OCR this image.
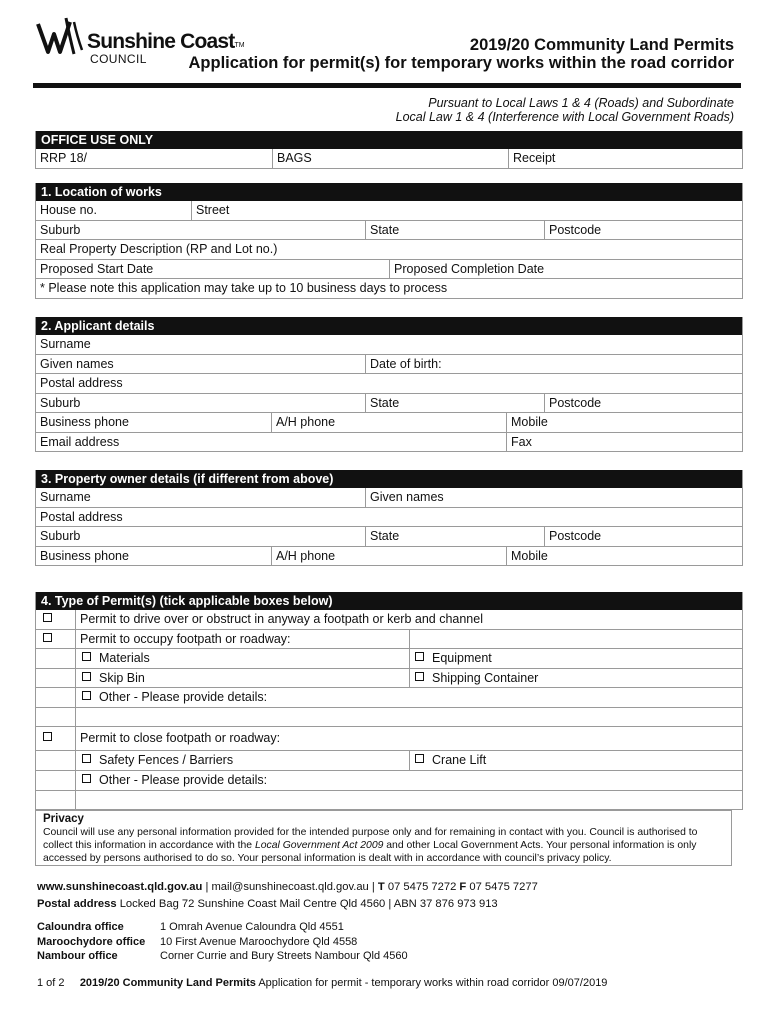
Sunshine CoastTM
COUNCIL
2019/20 Community Land Permits
Application for permit(s) for temporary works within the road corridor
Pursuant to Local Laws 1 & 4 (Roads) and Subordinate
Local Law 1 & 4 (Interference with Local Government Roads)
OFFICE USE ONLY
RRP 18/	BAGS	Receipt
1. Location of works
House no.	Street
Suburb	State	Postcode
Real Property Description (RP and Lot no.)
Proposed Start Date	Proposed Completion Date
* Please note this application may take up to 10 business days to process
2. Applicant details
Surname
Given names	Date of birth:
Postal address
Suburb	State	Postcode
Business phone	A/H phone	Mobile
Email address	Fax
3. Property owner details (if different from above)
Surname	Given names
Postal address
Suburb	State	Postcode
Business phone	A/H phone	Mobile
4. Type of Permit(s) (tick applicable boxes below)
Permit to drive over or obstruct in anyway a footpath or kerb and channel
Permit to occupy footpath or roadway:
Materials	Equipment
Skip Bin	Shipping Container
Other - Please provide details:
Permit to close footpath or roadway:
Safety Fences / Barriers	Crane Lift
Other - Please provide details:
Privacy
Council will use any personal information provided for the intended purpose only and for remaining in contact with you. Council is authorised to
collect this information in accordance with the Local Government Act 2009 and other Local Government Acts. Your personal information is only
accessed by persons authorised to do so. Your personal information is dealt with in accordance with council’s privacy policy.
www.sunshinecoast.qld.gov.au | mail@sunshinecoast.qld.gov.au | T 07 5475 7272 F 07 5475 7277
Postal address Locked Bag 72 Sunshine Coast Mail Centre Qld 4560 | ABN 37 876 973 913
Caloundra office	1 Omrah Avenue Caloundra Qld 4551
Maroochydore office 10 First Avenue Maroochydore Qld 4558
Nambour office	Corner Currie and Bury Streets Nambour Qld 4560
1 of 2 2019/20 Community Land Permits Application for permit - temporary works within road corridor 09/07/2019
